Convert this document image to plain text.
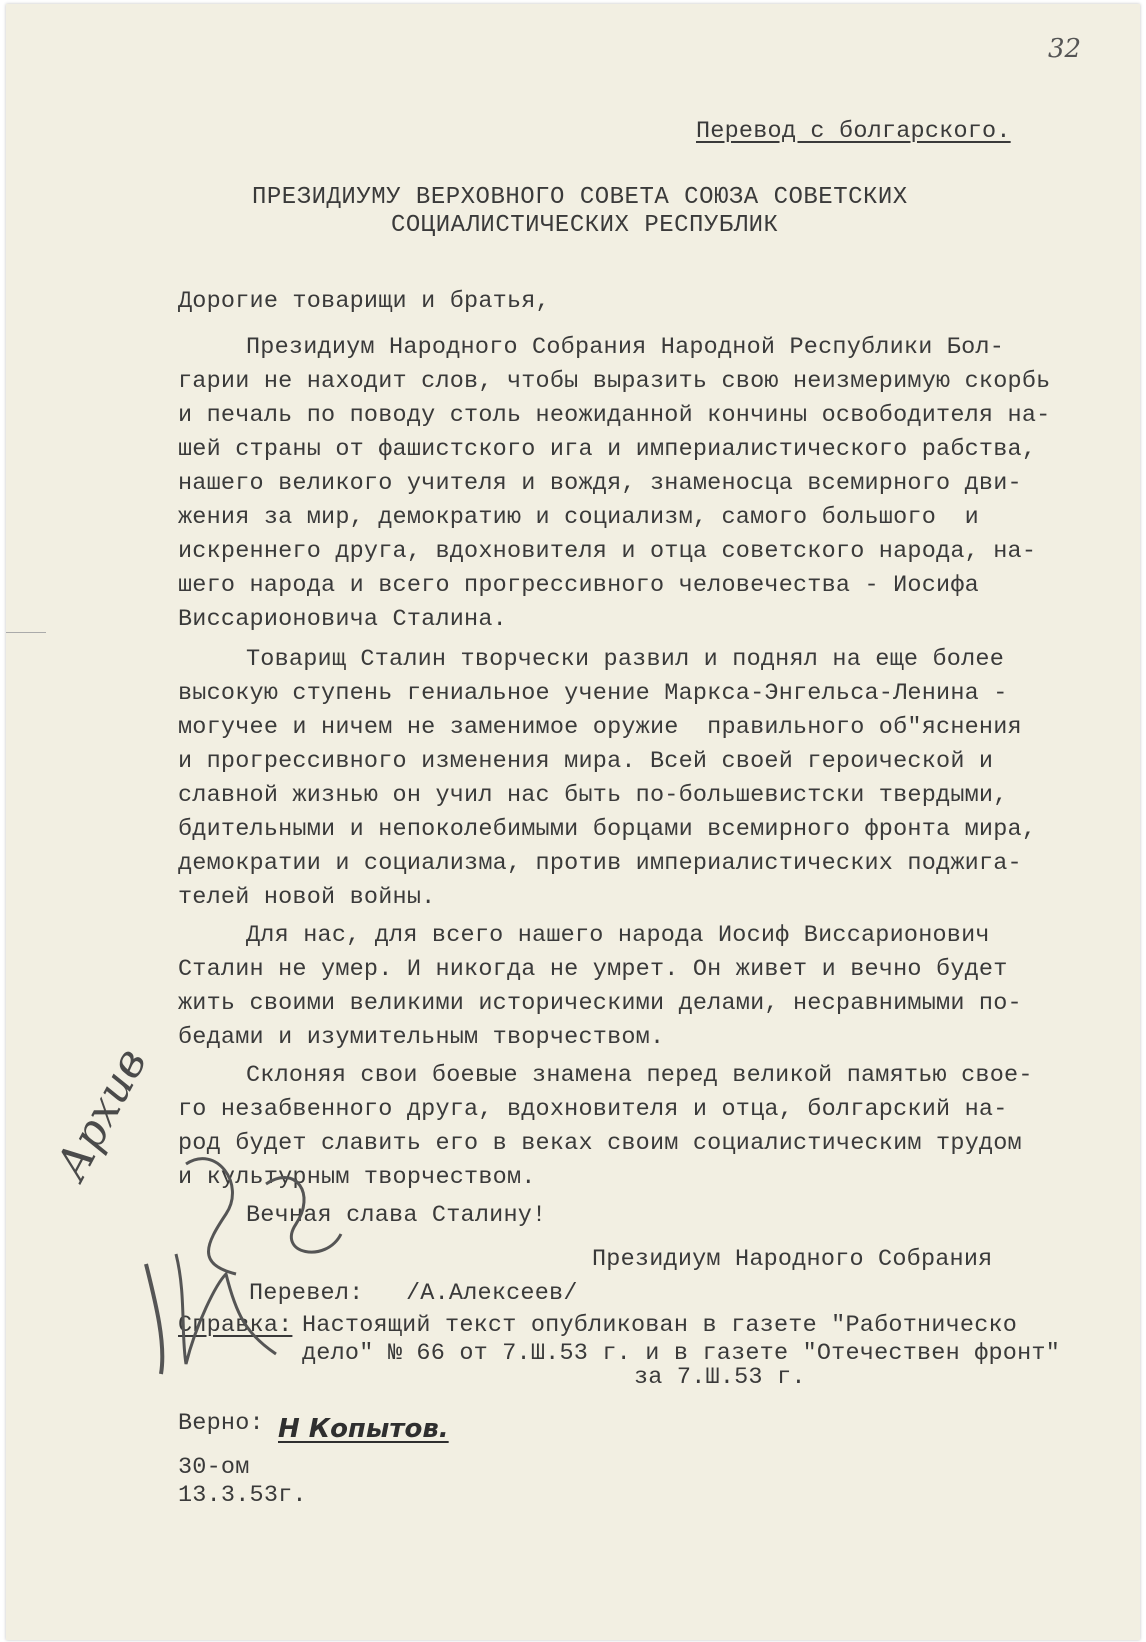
32
Перевод с болгарского.
ПРЕЗИДИУМУ ВЕРХОВНОГО СОВЕТА СОЮЗА СОВЕТСКИХ
СОЦИАЛИСТИЧЕСКИХ РЕСПУБЛИК
Дорогие товарищи и братья,
Президиум Народного Собрания Народной Республики Бол-
гарии не находит слов, чтобы выразить свою неизмеримую скорбь
и печаль по поводу столь неожиданной кончины освободителя на-
шей страны от фашистского ига и империалистического рабства,
нашего великого учителя и вождя, знаменосца всемирного дви-
жения за мир, демократию и социализм, самого большого  и
искреннего друга, вдохновителя и отца советского народа, на-
шего народа и всего прогрессивного человечества - Иосифа
Виссарионовича Сталина.
Товарищ Сталин творчески развил и поднял на еще более
высокую ступень гениальное учение Маркса-Энгельса-Ленина -
могучее и ничем не заменимое оружие  правильного об"яснения
и прогрессивного изменения мира. Всей своей героической и
славной жизнью он учил нас быть по-большевистски твердыми,
бдительными и непоколебимыми борцами всемирного фронта мира,
демократии и социализма, против империалистических поджига-
телей новой войны.
Для нас, для всего нашего народа Иосиф Виссарионович
Сталин не умер. И никогда не умрет. Он живет и вечно будет
жить своими великими историческими делами, несравнимыми по-
бедами и изумительным творчеством.
Склоняя свои боевые знамена перед великой памятью свое-
го незабвенного друга, вдохновителя и отца, болгарский на-
род будет славить его в веках своим социалистическим трудом
и культурным творчеством.
Вечная слава Сталину!
Президиум Народного Собрания
Перевел: /А.Алексеев/
Справка: Настоящий текст опубликован в газете "Работническо
дело" № 66 от 7.Ш.53 г. и в газете "Отечествен фронт"
за 7.Ш.53 г.
Верно: Н Копытов.
30-ом
13.3.53г.
Архив
